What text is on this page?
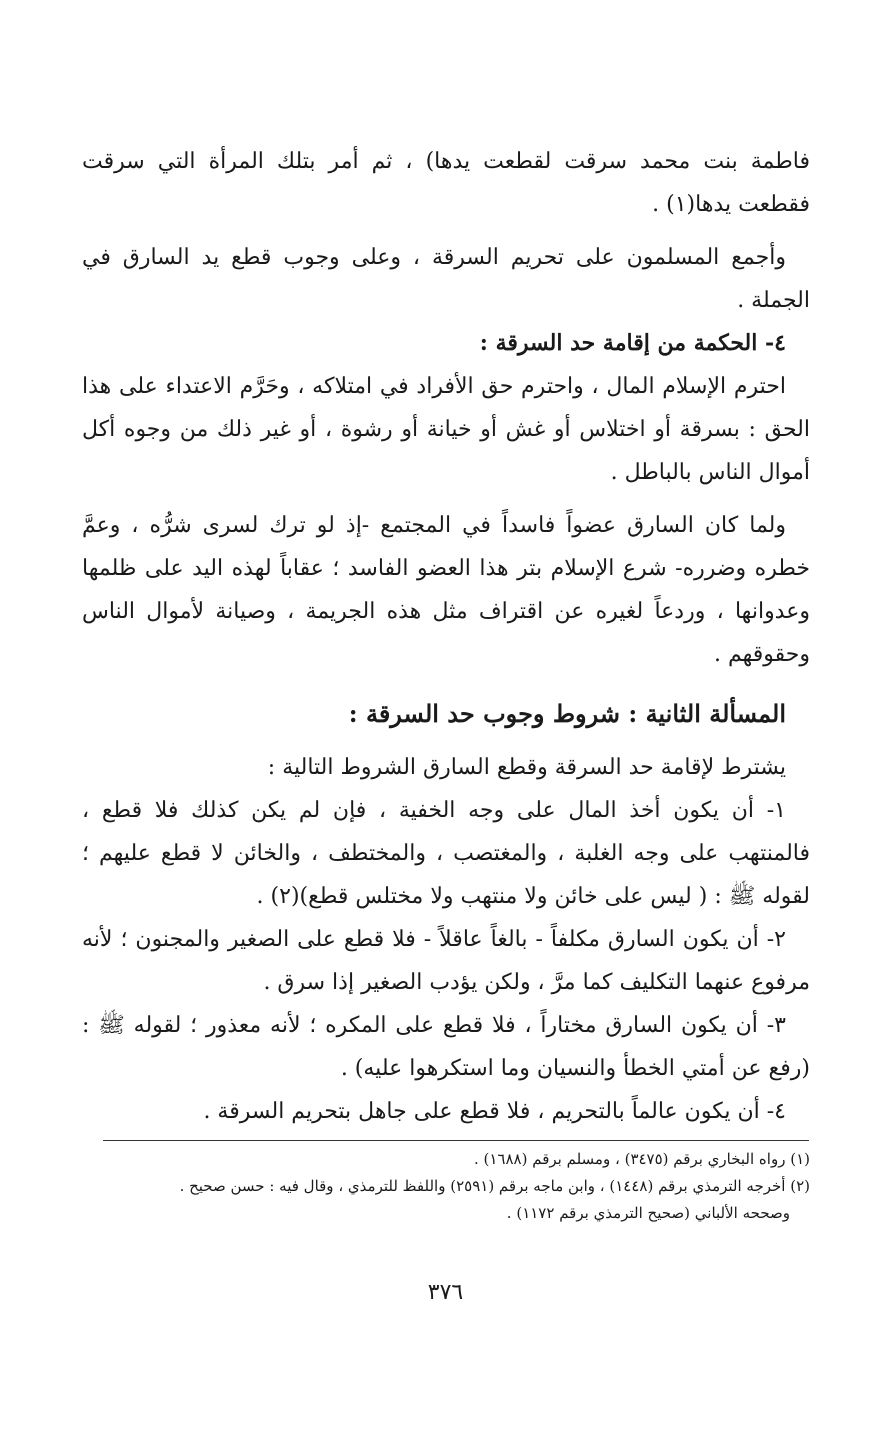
فاطمة بنت محمد سرقت لقطعت يدها) ، ثم أمر بتلك المرأة التي سرقت فقطعت يدها(١) .

وأجمع المسلمون على تحريم السرقة ، وعلى وجوب قطع يد السارق في الجملة .

٤- الحكمة من إقامة حد السرقة :

احترم الإسلام المال ، واحترم حق الأفراد في امتلاكه ، وحَرَّم الاعتداء على هذا الحق : بسرقة أو اختلاس أو غش أو خيانة أو رشوة ، أو غير ذلك من وجوه أكل أموال الناس بالباطل .

ولما كان السارق عضواً فاسداً في المجتمع -إذ لو ترك لسرى شرُّه ، وعمَّ خطره وضرره- شرع الإسلام بتر هذا العضو الفاسد ؛ عقاباً لهذه اليد على ظلمها وعدوانها ، وردعاً لغيره عن اقتراف مثل هذه الجريمة ، وصيانة لأموال الناس وحقوقهم .

المسألة الثانية : شروط وجوب حد السرقة :

يشترط لإقامة حد السرقة وقطع السارق الشروط التالية :

١- أن يكون أخذ المال على وجه الخفية ، فإن لم يكن كذلك فلا قطع ، فالمنتهب على وجه الغلبة ، والمغتصب ، والمختطف ، والخائن لا قطع عليهم ؛ لقوله ﷺ : ( ليس على خائن ولا منتهب ولا مختلس قطع)(٢) .

٢- أن يكون السارق مكلفاً - بالغاً عاقلاً - فلا قطع على الصغير والمجنون ؛ لأنه مرفوع عنهما التكليف كما مرَّ ، ولكن يؤدب الصغير إذا سرق .

٣- أن يكون السارق مختاراً ، فلا قطع على المكره ؛ لأنه معذور ؛ لقوله ﷺ : (رفع عن أمتي الخطأ والنسيان وما استكرهوا عليه) .

٤- أن يكون عالماً بالتحريم ، فلا قطع على جاهل بتحريم السرقة .

(١) رواه البخاري برقم (٣٤٧٥) ، ومسلم برقم (١٦٨٨) .

(٢) أخرجه الترمذي برقم (١٤٤٨) ، وابن ماجه برقم (٢٥٩١) واللفظ للترمذي ، وقال فيه : حسن صحيح .

وصححه الألباني (صحيح الترمذي برقم ١١٧٢) .

٣٧٦
